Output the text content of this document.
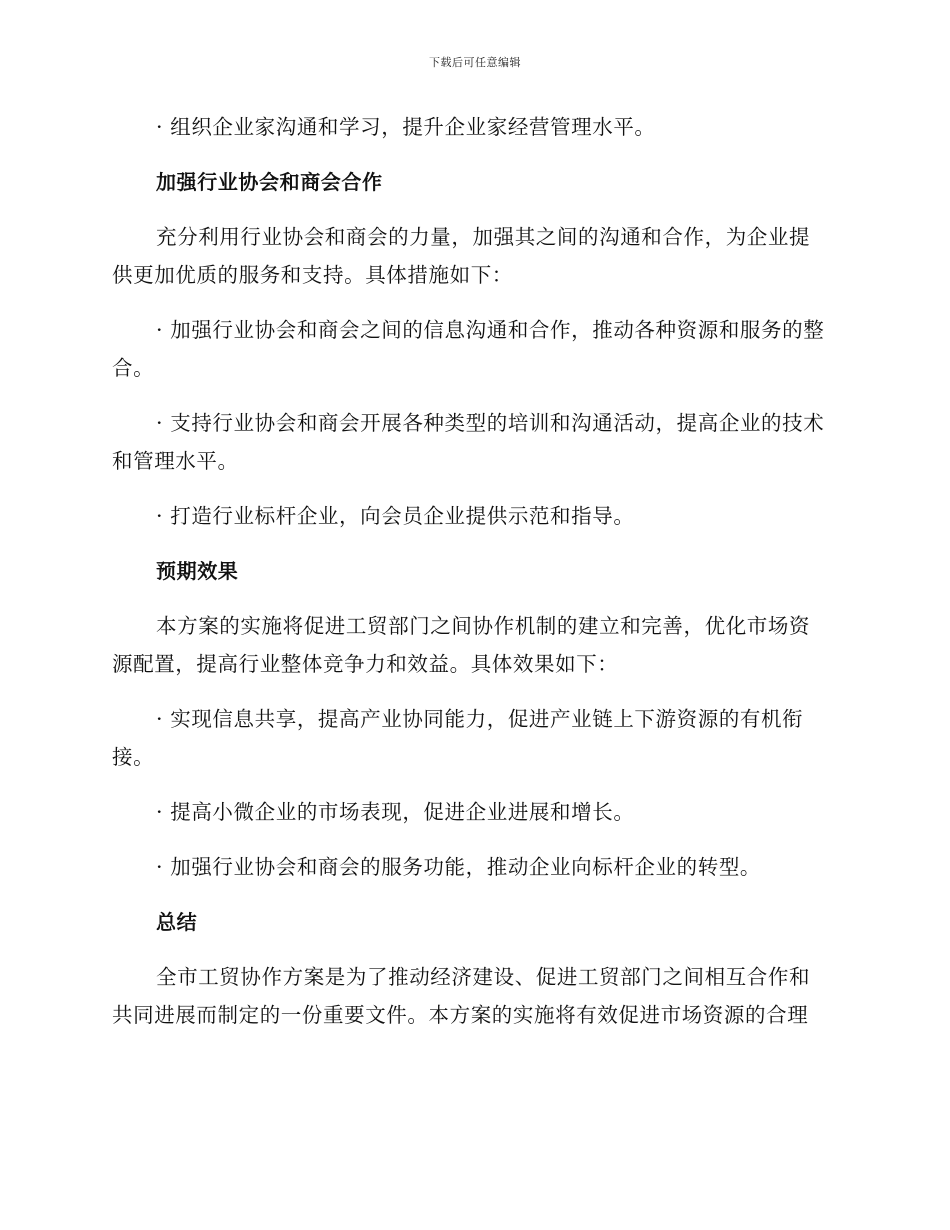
下载后可任意编辑

· 组织企业家沟通和学习，提升企业家经营管理水平。

加强行业协会和商会合作

充分利用行业协会和商会的力量，加强其之间的沟通和合作，为企业提供更加优质的服务和支持。具体措施如下：

· 加强行业协会和商会之间的信息沟通和合作，推动各种资源和服务的整合。

· 支持行业协会和商会开展各种类型的培训和沟通活动，提高企业的技术和管理水平。

· 打造行业标杆企业，向会员企业提供示范和指导。

预期效果

本方案的实施将促进工贸部门之间协作机制的建立和完善，优化市场资源配置，提高行业整体竞争力和效益。具体效果如下：

· 实现信息共享，提高产业协同能力，促进产业链上下游资源的有机衔接。

· 提高小微企业的市场表现，促进企业进展和增长。

· 加强行业协会和商会的服务功能，推动企业向标杆企业的转型。

总结

全市工贸协作方案是为了推动经济建设、促进工贸部门之间相互合作和共同进展而制定的一份重要文件。本方案的实施将有效促进市场资源的合理
